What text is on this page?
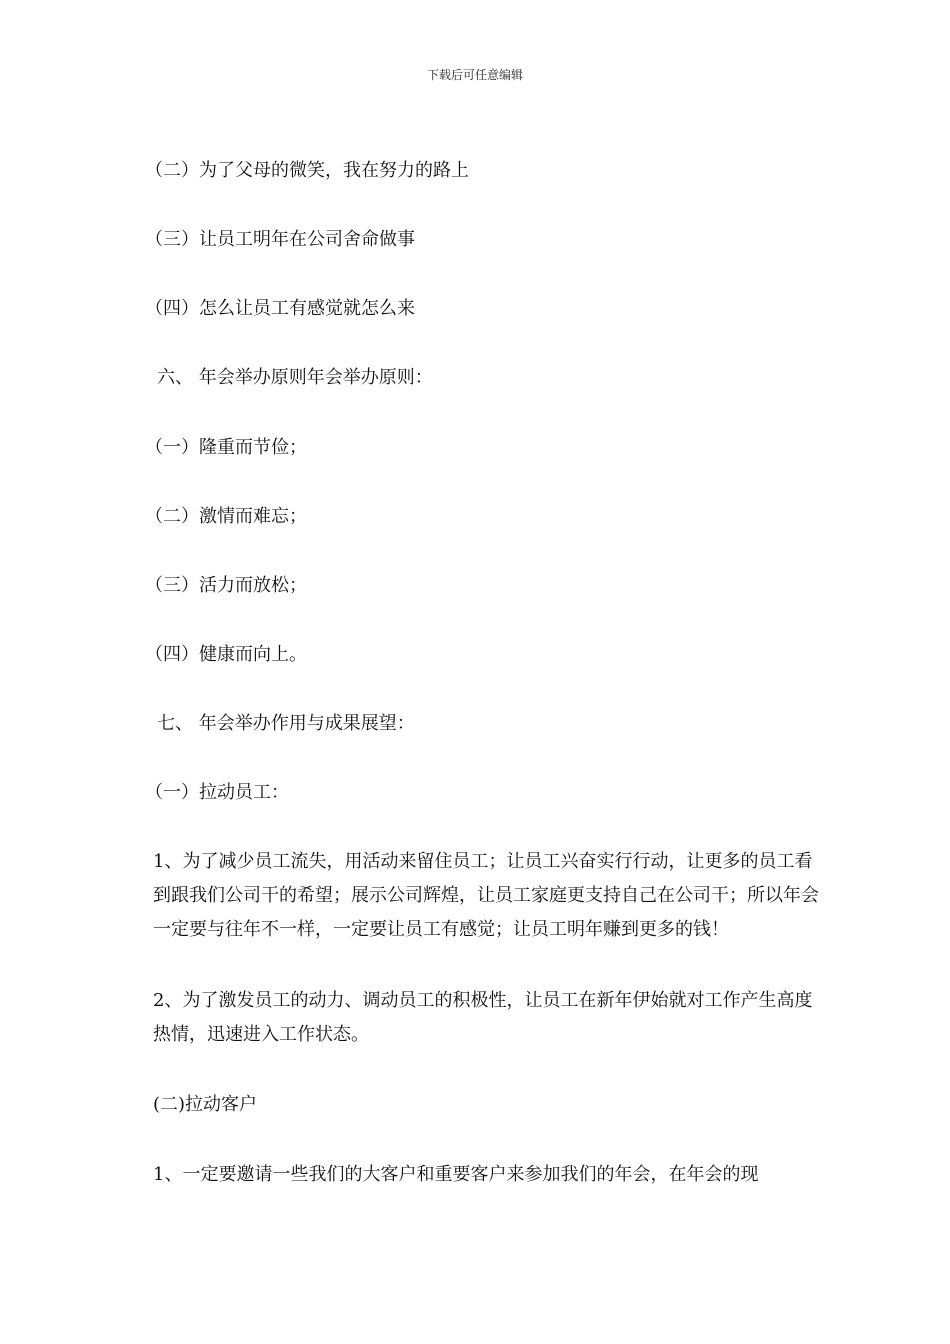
下载后可任意编辑
（二）为了父母的微笑，我在努力的路上
（三）让员工明年在公司舍命做事
（四）怎么让员工有感觉就怎么来
六、 年会举办原则年会举办原则：
（一）隆重而节俭；
（二）激情而难忘；
（三）活力而放松；
（四）健康而向上。
七、 年会举办作用与成果展望：
（一）拉动员工：
1、为了减少员工流失，用活动来留住员工；让员工兴奋实行行动，让更多的员工看到跟我们公司干的希望；展示公司辉煌，让员工家庭更支持自己在公司干；所以年会一定要与往年不一样，一定要让员工有感觉；让员工明年赚到更多的钱！
2、为了激发员工的动力、调动员工的积极性，让员工在新年伊始就对工作产生高度热情，迅速进入工作状态。
(二)拉动客户
1、一定要邀请一些我们的大客户和重要客户来参加我们的年会，在年会的现
